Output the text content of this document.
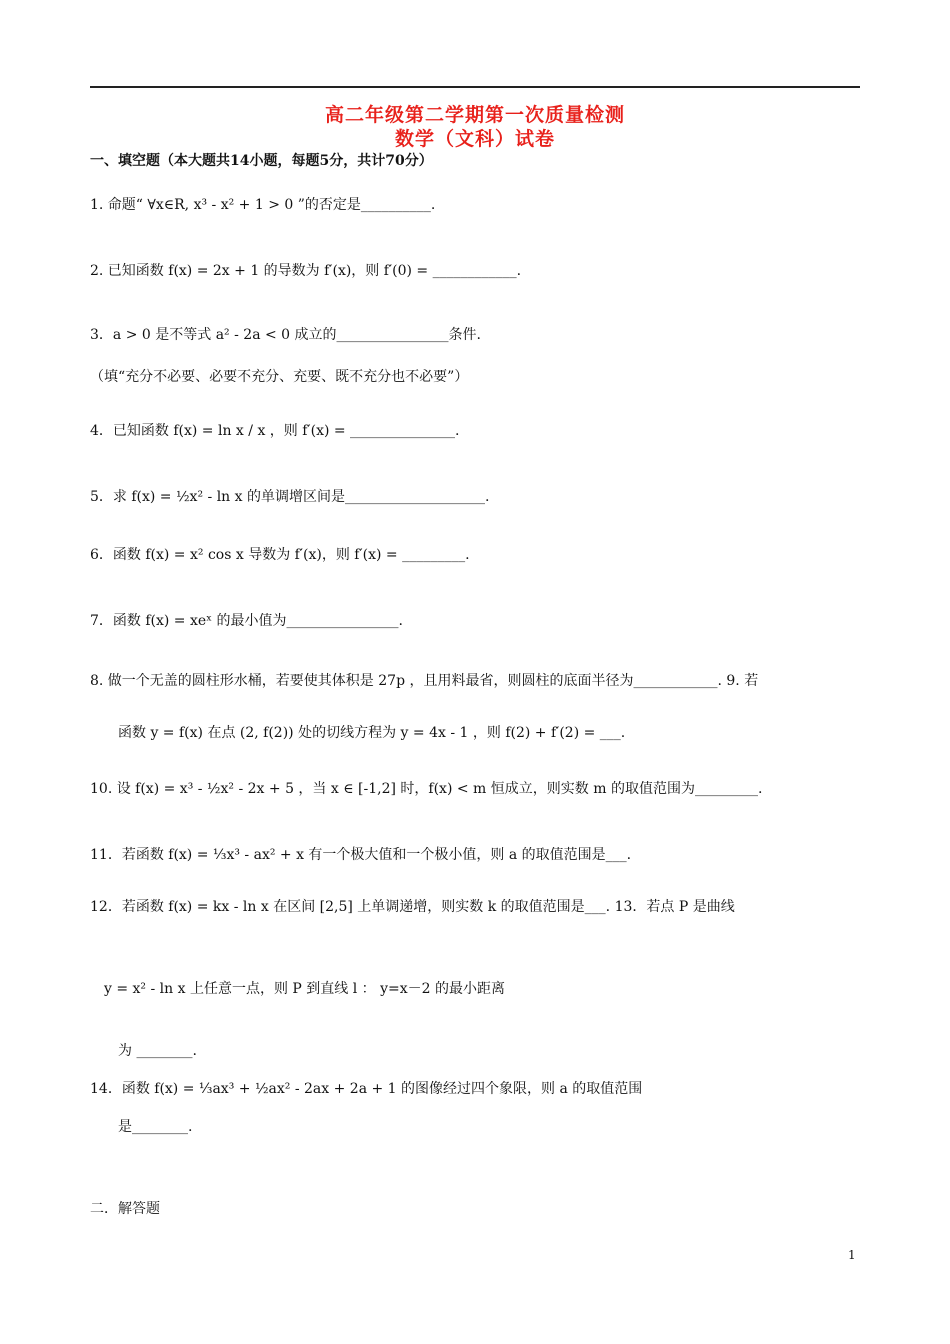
高二年级第二学期第一次质量检测
数学（文科）试卷
一、填空题（本大题共14小题，每题5分，共计70分）
1. 命题“ ∀x∈R, x³ - x² + 1 > 0 ”的否定是__________.
2. 已知函数 f(x) = 2x + 1 的导数为 f′(x)，则 f′(0) = ____________.
3．a > 0 是不等式 a² - 2a < 0 成立的________________条件.
（填“充分不必要、必要不充分、充要、既不充分也不必要”）
4．已知函数 f(x) = ln x / x ，则 f′(x) = _______________.
5．求 f(x) = ½x² - ln x 的单调增区间是____________________.
6．函数 f(x) = x² cos x 导数为 f′(x)，则 f′(x) = _________.
7．函数 f(x) = xeˣ 的最小值为________________.
8. 做一个无盖的圆柱形水桶，若要使其体积是 27p ，且用料最省，则圆柱的底面半径为____________. 9. 若
函数 y = f(x) 在点 (2, f(2)) 处的切线方程为 y = 4x - 1 ，则 f(2) + f′(2) = ___.
10. 设 f(x) = x³ - ½x² - 2x + 5 ，当 x ∈ [-1,2] 时，f(x) < m 恒成立，则实数 m 的取值范围为_________.
11．若函数 f(x) = ⅓x³ - ax² + x 有一个极大值和一个极小值，则 a 的取值范围是___.
12．若函数 f(x) = kx - ln x 在区间 [2,5] 上单调递增，则实数 k 的取值范围是___. 13．若点 P 是曲线
y = x² - ln x 上任意一点，则 P 到直线 l ： y=x－2 的最小距离
为 ________.
14．函数 f(x) = ⅓ax³ + ½ax² - 2ax + 2a + 1 的图像经过四个象限，则 a 的取值范围
是________.
二．解答题
1
